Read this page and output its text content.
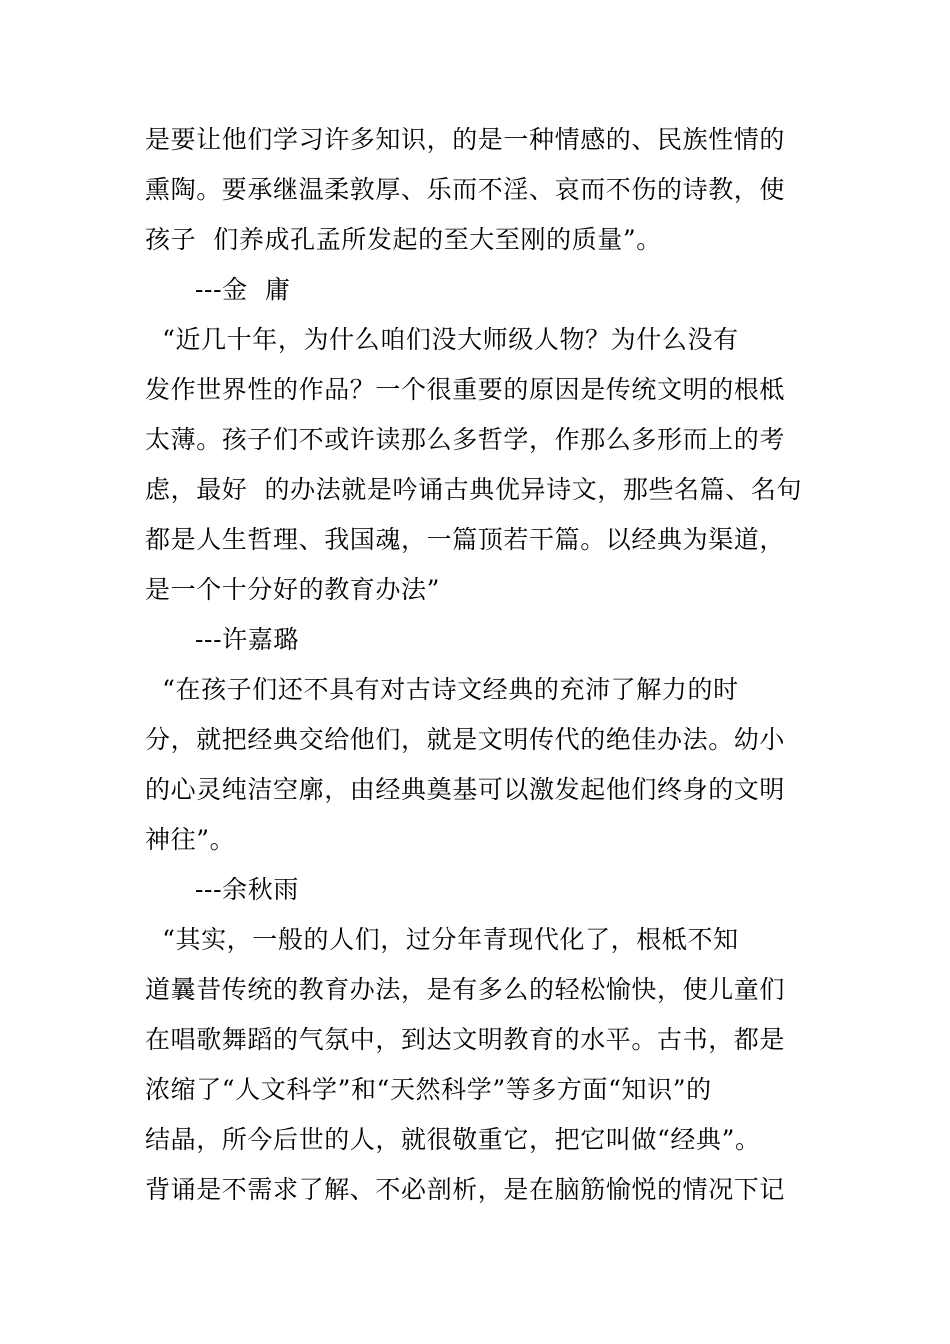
是要让他们学习许多知识，的是一种情感的、民族性情的
熏陶。要承继温柔敦厚、乐而不淫、哀而不伤的诗教，使
孩子  们养成孔孟所发起的至大至刚的质量”。
---金  庸
“近几十年，为什么咱们没大师级人物？为什么没有
发作世界性的作品？一个很重要的原因是传统文明的根柢
太薄。孩子们不或许读那么多哲学，作那么多形而上的考
虑，最好  的办法就是吟诵古典优异诗文，那些名篇、名句
都是人生哲理、我国魂，一篇顶若干篇。以经典为渠道，
是一个十分好的教育办法”
---许嘉璐
“在孩子们还不具有对古诗文经典的充沛了解力的时
分，就把经典交给他们，就是文明传代的绝佳办法。幼小
的心灵纯洁空廓，由经典奠基可以激发起他们终身的文明
神往”。
---余秋雨
“其实，一般的人们，过分年青现代化了，根柢不知
道曩昔传统的教育办法，是有多么的轻松愉快，使儿童们
在唱歌舞蹈的气氛中，到达文明教育的水平。古书，都是
浓缩了“人文科学”和“天然科学”等多方面“知识”的
结晶，所今后世的人，就很敬重它，把它叫做“经典”。
背诵是不需求了解、不必剖析，是在脑筋愉悦的情况下记
